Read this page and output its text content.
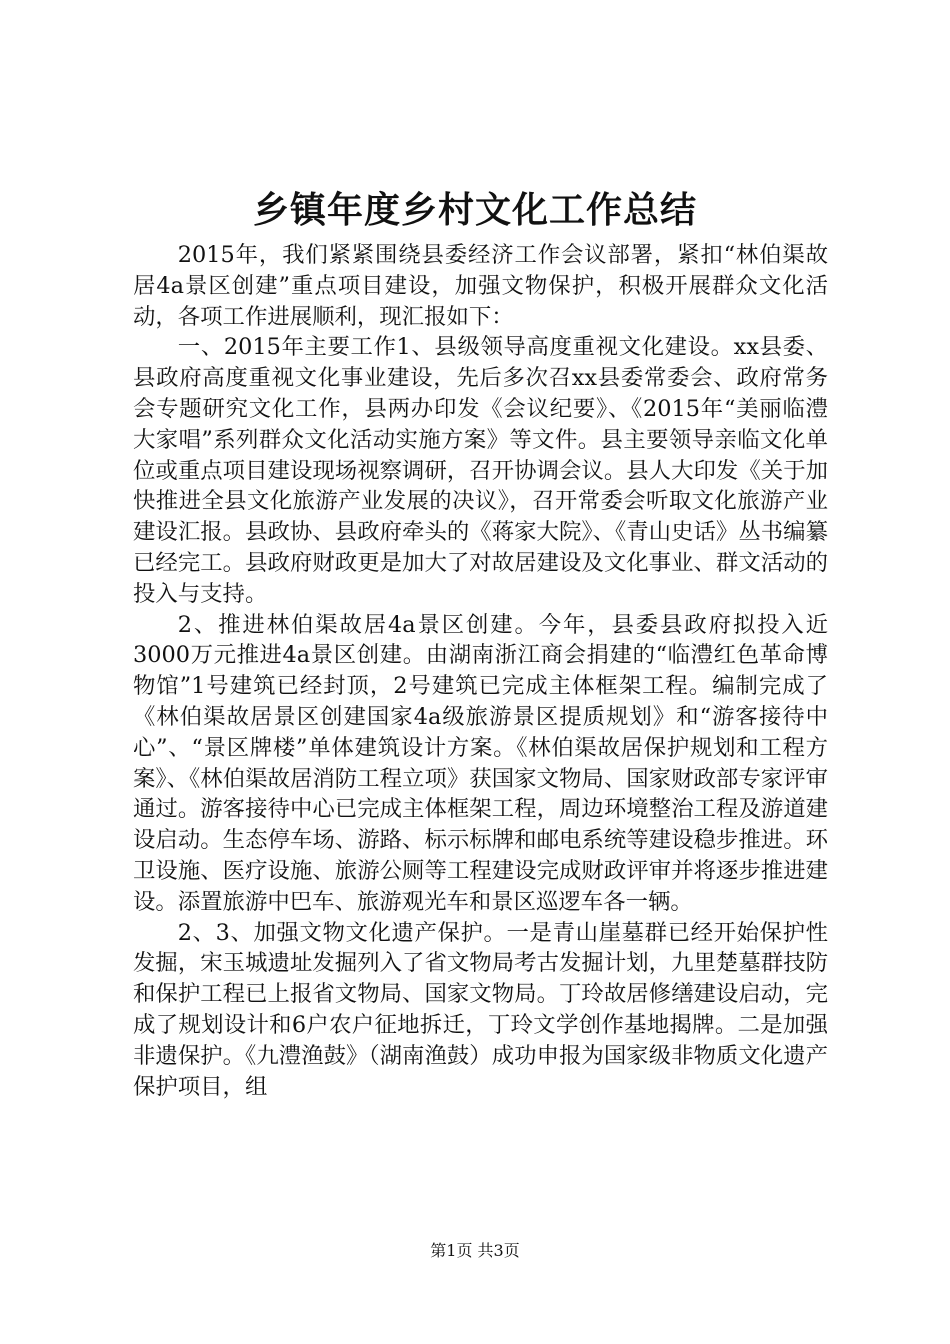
乡镇年度乡村文化工作总结

2015年，我们紧紧围绕县委经济工作会议部署，紧扣“林伯渠故居4a景区创建”重点项目建设，加强文物保护，积极开展群众文化活动，各项工作进展顺利，现汇报如下：

一、2015年主要工作1、县级领导高度重视文化建设。xx县委、县政府高度重视文化事业建设，先后多次召xx县委常委会、政府常务会专题研究文化工作，县两办印发《会议纪要》、《2015年“美丽临澧大家唱”系列群众文化活动实施方案》等文件。县主要领导亲临文化单位或重点项目建设现场视察调研，召开协调会议。县人大印发《关于加快推进全县文化旅游产业发展的决议》，召开常委会听取文化旅游产业建设汇报。县政协、县政府牵头的《蒋家大院》、《青山史话》丛书编纂已经完工。县政府财政更是加大了对故居建设及文化事业、群文活动的投入与支持。

2、推进林伯渠故居4a景区创建。今年，县委县政府拟投入近3000万元推进4a景区创建。由湖南浙江商会捐建的“临澧红色革命博物馆”1号建筑已经封顶，2号建筑已完成主体框架工程。编制完成了《林伯渠故居景区创建国家4a级旅游景区提质规划》和“游客接待中心”、“景区牌楼”单体建筑设计方案。《林伯渠故居保护规划和工程方案》、《林伯渠故居消防工程立项》获国家文物局、国家财政部专家评审通过。游客接待中心已完成主体框架工程，周边环境整治工程及游道建设启动。生态停车场、游路、标示标牌和邮电系统等建设稳步推进。环卫设施、医疗设施、旅游公厕等工程建设完成财政评审并将逐步推进建设。添置旅游中巴车、旅游观光车和景区巡逻车各一辆。

2、3、加强文物文化遗产保护。一是青山崖墓群已经开始保护性发掘，宋玉城遗址发掘列入了省文物局考古发掘计划，九里楚墓群技防和保护工程已上报省文物局、国家文物局。丁玲故居修缮建设启动，完成了规划设计和6户农户征地拆迁，丁玲文学创作基地揭牌。二是加强非遗保护。《九澧渔鼓》（湖南渔鼓）成功申报为国家级非物质文化遗产保护项目，组

第1页 共3页
